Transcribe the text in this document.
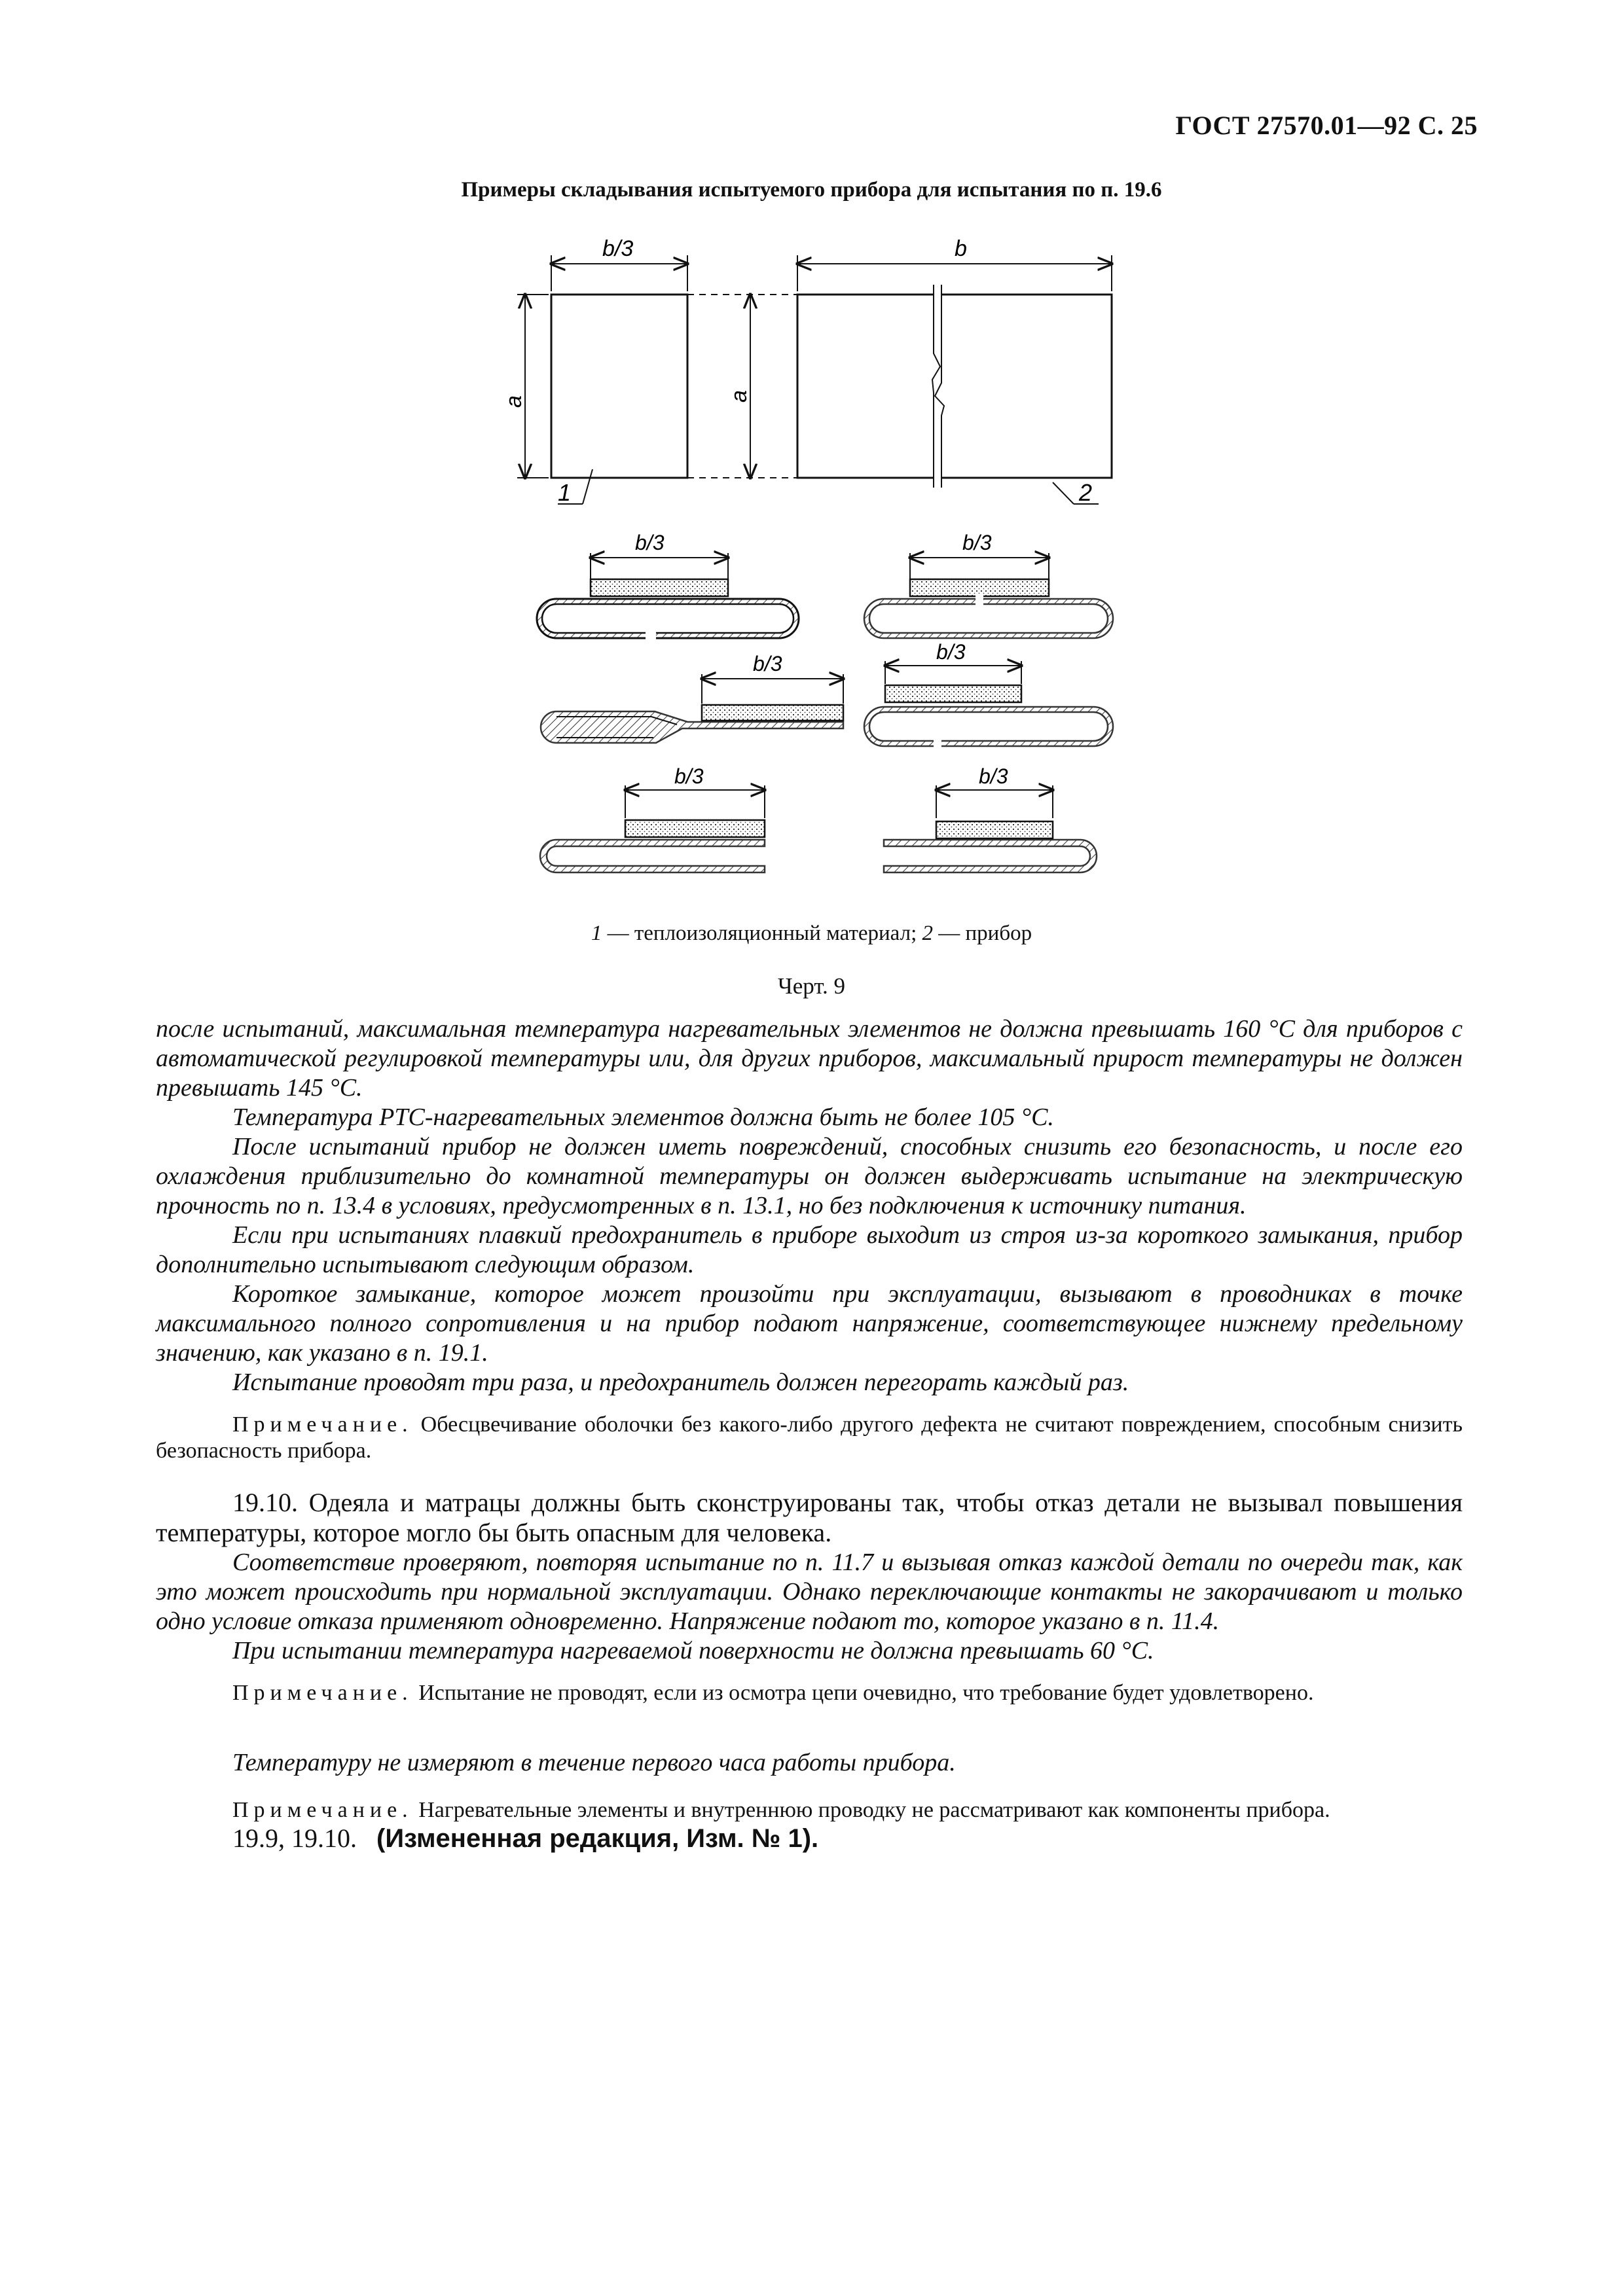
ГОСТ 27570.01—92 С. 25
Примеры складывания испытуемого прибора для испытания по п. 19.6
b/3
a
1
b
a
2
b/3	b/3
b/3	b/3
b/3	b/3
1 — теплоизоляционный материал; 2 — прибор
Черт. 9

после испытаний, максимальная температура нагревательных элементов не должна превышать 160 °С для приборов с автоматической регулировкой температуры или, для других приборов, максимальный прирост температуры не должен превышать 145 °С.

Температура PTC-нагревательных элементов должна быть не более 105 °С.

После испытаний прибор не должен иметь повреждений, способных снизить его безопасность, и после его охлаждения приблизительно до комнатной температуры он должен выдерживать испытание на электрическую прочность по п. 13.4 в условиях, предусмотренных в п. 13.1, но без подключения к источнику питания.

Если при испытаниях плавкий предохранитель в приборе выходит из строя из-за короткого замыкания, прибор дополнительно испытывают следующим образом.

Короткое замыкание, которое может произойти при эксплуатации, вызывают в проводниках в точке максимального полного сопротивления и на прибор подают напряжение, соответствующее нижнему предельному значению, как указано в п. 19.1.

Испытание проводят три раза, и предохранитель должен перегорать каждый раз.

Примечание. Обесцвечивание оболочки без какого-либо другого дефекта не считают повреждением, способным снизить безопасность прибора.

19.10. Одеяла и матрацы должны быть сконструированы так, чтобы отказ детали не вызывал повышения температуры, которое могло бы быть опасным для человека.

Соответствие проверяют, повторяя испытание по п. 11.7 и вызывая отказ каждой детали по очереди так, как это может происходить при нормальной эксплуатации. Однако переключающие контакты не закорачивают и только одно условие отказа применяют одновременно. Напряжение подают то, которое указано в п. 11.4.

При испытании температура нагреваемой поверхности не должна превышать 60 °С.

Примечание. Испытание не проводят, если из осмотра цепи очевидно, что требование будет удовлетворено.

Температуру не измеряют в течение первого часа работы прибора.

Примечание. Нагревательные элементы и внутреннюю проводку не рассматривают как компоненты прибора.

19.9, 19.10. (Измененная редакция, Изм. № 1).
